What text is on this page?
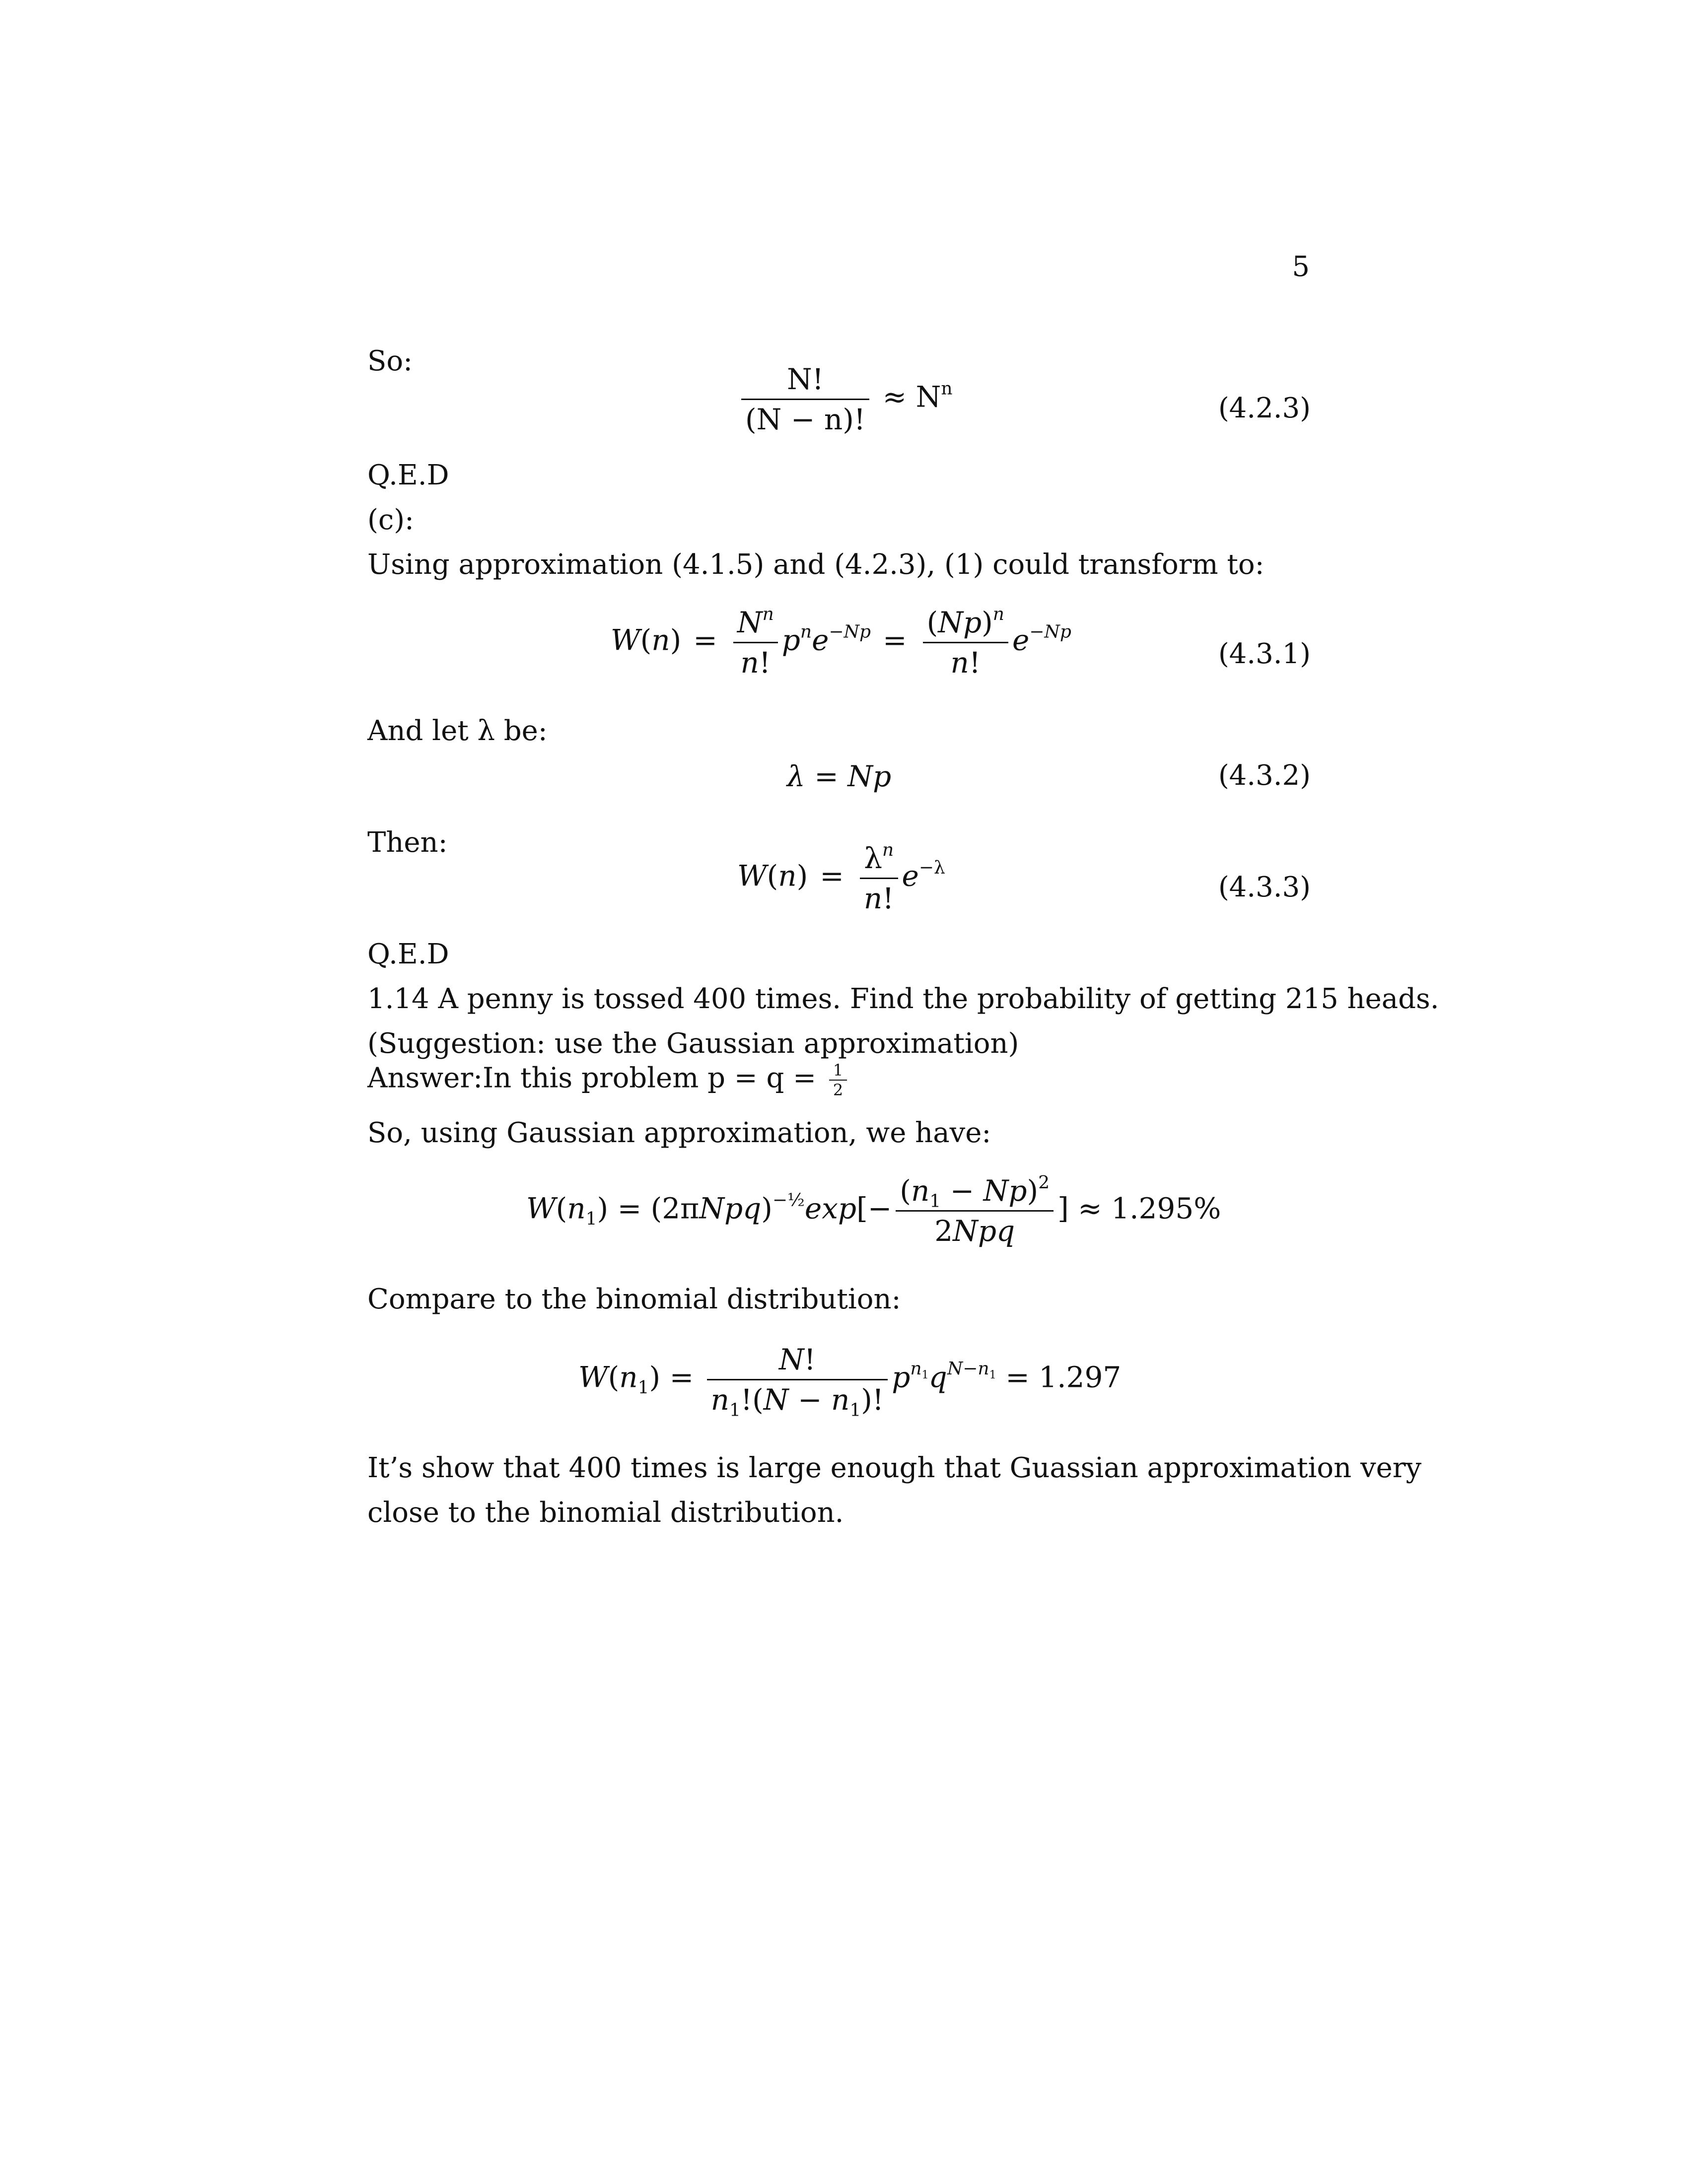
5
So:
$\frac{N!}{(N - n)!} \approx N^n$
(4.2.3)
Q.E.D
(c):
Using approximation (4.1.5) and (4.2.3), (1) could transform to:
$W(n) = \frac{N^n}{n!} p^ne^{-Np} = \frac{(Np)^n}{n!} e^{-Np}$
(4.3.1)
And let λ be:
λ = Np	(4.3.2)
Then:
$W(n) = \frac{\lambda^n}{n!} e^{-\lambda}$
(4.3.3)
Q.E.D
1.14 A penny is tossed 400 times. Find the probability of getting 215 heads.
(Suggestion: use the Gaussian approximation)
Answer:In this problem $p = q = \frac{1}{2}$
So, using Gaussian approximation, we have:
$W(n_1) = (2\pi Npq)^{-\frac{1}{2}}\exp[- \frac{(n_1 - Np)^2}{\text{2Npq}}$ ] ≈ 1.295%
Compare to the binomial distribution:
$W(n_1) = \frac{N!}{n_1!(N - n_1)!} p^{n_1}q^{N-n_1} = 1.297$
It’s show that 400 times is large enough that Guassian approximation very
close to the binomial distribution.
